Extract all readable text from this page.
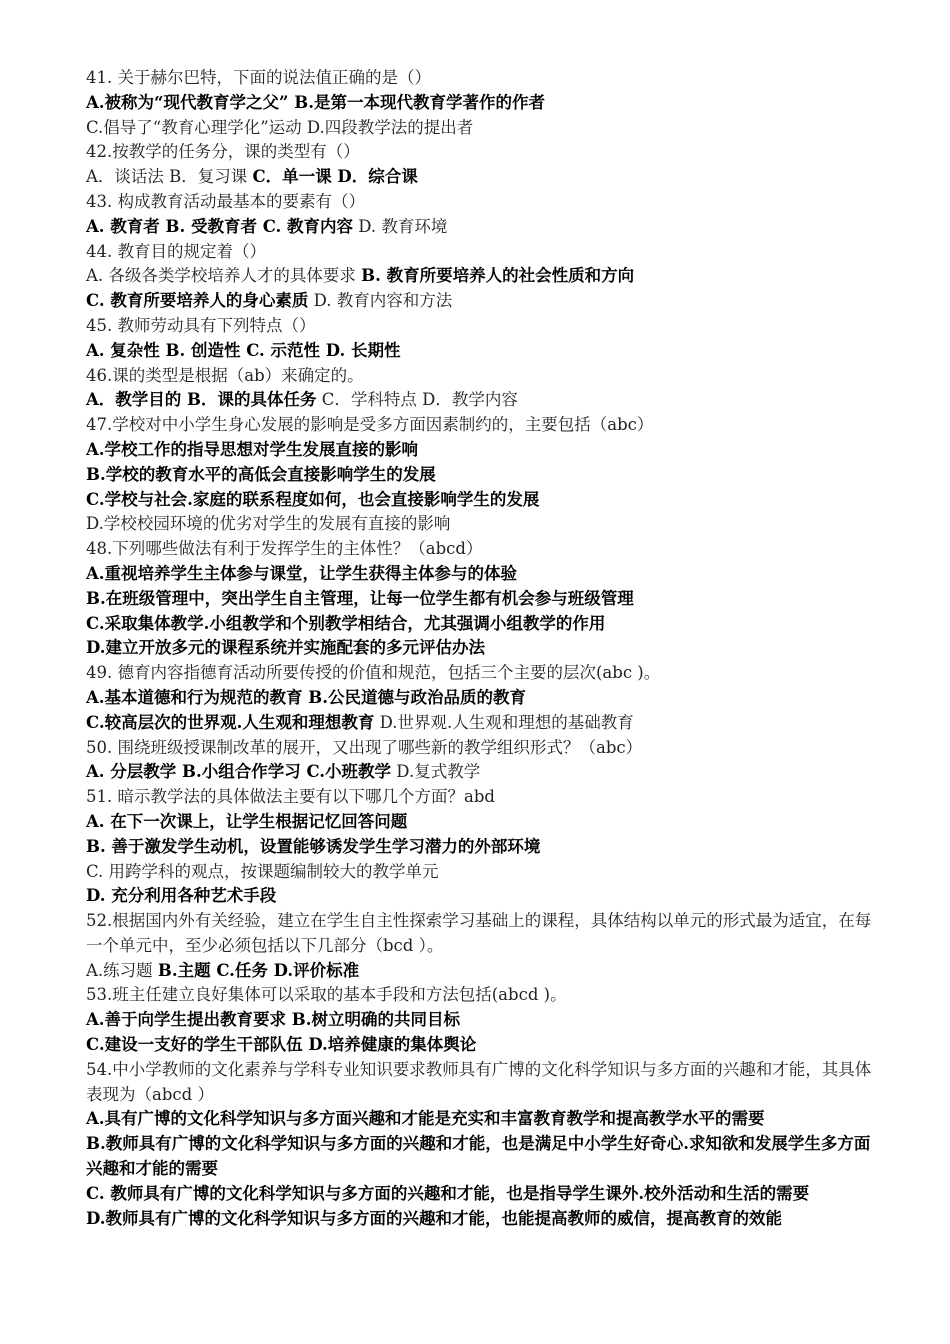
41. 关于赫尔巴特，下面的说法值正确的是（）
A.被称为“现代教育学之父” B.是第一本现代教育学著作的作者
C.倡导了“教育心理学化”运动 D.四段教学法的提出者
42.按教学的任务分，课的类型有（）
A．谈话法 B．复习课 C．单一课 D．综合课
43. 构成教育活动最基本的要素有（）
A. 教育者 B. 受教育者 C. 教育内容 D. 教育环境
44. 教育目的规定着（）
A. 各级各类学校培养人才的具体要求 B. 教育所要培养人的社会性质和方向
C. 教育所要培养人的身心素质 D. 教育内容和方法
45. 教师劳动具有下列特点（）
A. 复杂性 B. 创造性 C. 示范性 D. 长期性
46.课的类型是根据（ab）来确定的。
A．教学目的 B．课的具体任务 C．学科特点 D．教学内容
47.学校对中小学生身心发展的影响是受多方面因素制约的，主要包括（abc）
A.学校工作的指导思想对学生发展直接的影响
B.学校的教育水平的高低会直接影响学生的发展
C.学校与社会.家庭的联系程度如何，也会直接影响学生的发展
D.学校校园环境的优劣对学生的发展有直接的影响
48.下列哪些做法有利于发挥学生的主体性？（abcd）
A.重视培养学生主体参与课堂，让学生获得主体参与的体验
B.在班级管理中，突出学生自主管理，让每一位学生都有机会参与班级管理
C.采取集体教学.小组教学和个别教学相结合，尤其强调小组教学的作用
D.建立开放多元的课程系统并实施配套的多元评估办法
49. 德育内容指德育活动所要传授的价值和规范，包括三个主要的层次(abc )。
A.基本道德和行为规范的教育 B.公民道德与政治品质的教育
C.较高层次的世界观.人生观和理想教育 D.世界观.人生观和理想的基础教育
50. 围绕班级授课制改革的展开，又出现了哪些新的教学组织形式？（abc）
A. 分层教学 B.小组合作学习 C.小班教学 D.复式教学
51. 暗示教学法的具体做法主要有以下哪几个方面？abd
A. 在下一次课上，让学生根据记忆回答问题
B. 善于激发学生动机，设置能够诱发学生学习潜力的外部环境
C. 用跨学科的观点，按课题编制较大的教学单元
D. 充分利用各种艺术手段
52.根据国内外有关经验，建立在学生自主性探索学习基础上的课程，具体结构以单元的形式最为适宜，在每一个单元中，至少必须包括以下几部分（bcd ）。
A.练习题 B.主题 C.任务 D.评价标准
53.班主任建立良好集体可以采取的基本手段和方法包括(abcd )。
A.善于向学生提出教育要求 B.树立明确的共同目标
C.建设一支好的学生干部队伍 D.培养健康的集体舆论
54.中小学教师的文化素养与学科专业知识要求教师具有广博的文化科学知识与多方面的兴趣和才能，其具体表现为（abcd ）
A.具有广博的文化科学知识与多方面兴趣和才能是充实和丰富教育教学和提高教学水平的需要
B.教师具有广博的文化科学知识与多方面的兴趣和才能，也是满足中小学生好奇心.求知欲和发展学生多方面兴趣和才能的需要
C. 教师具有广博的文化科学知识与多方面的兴趣和才能，也是指导学生课外.校外活动和生活的需要
D.教师具有广博的文化科学知识与多方面的兴趣和才能，也能提高教师的威信，提高教育的效能
